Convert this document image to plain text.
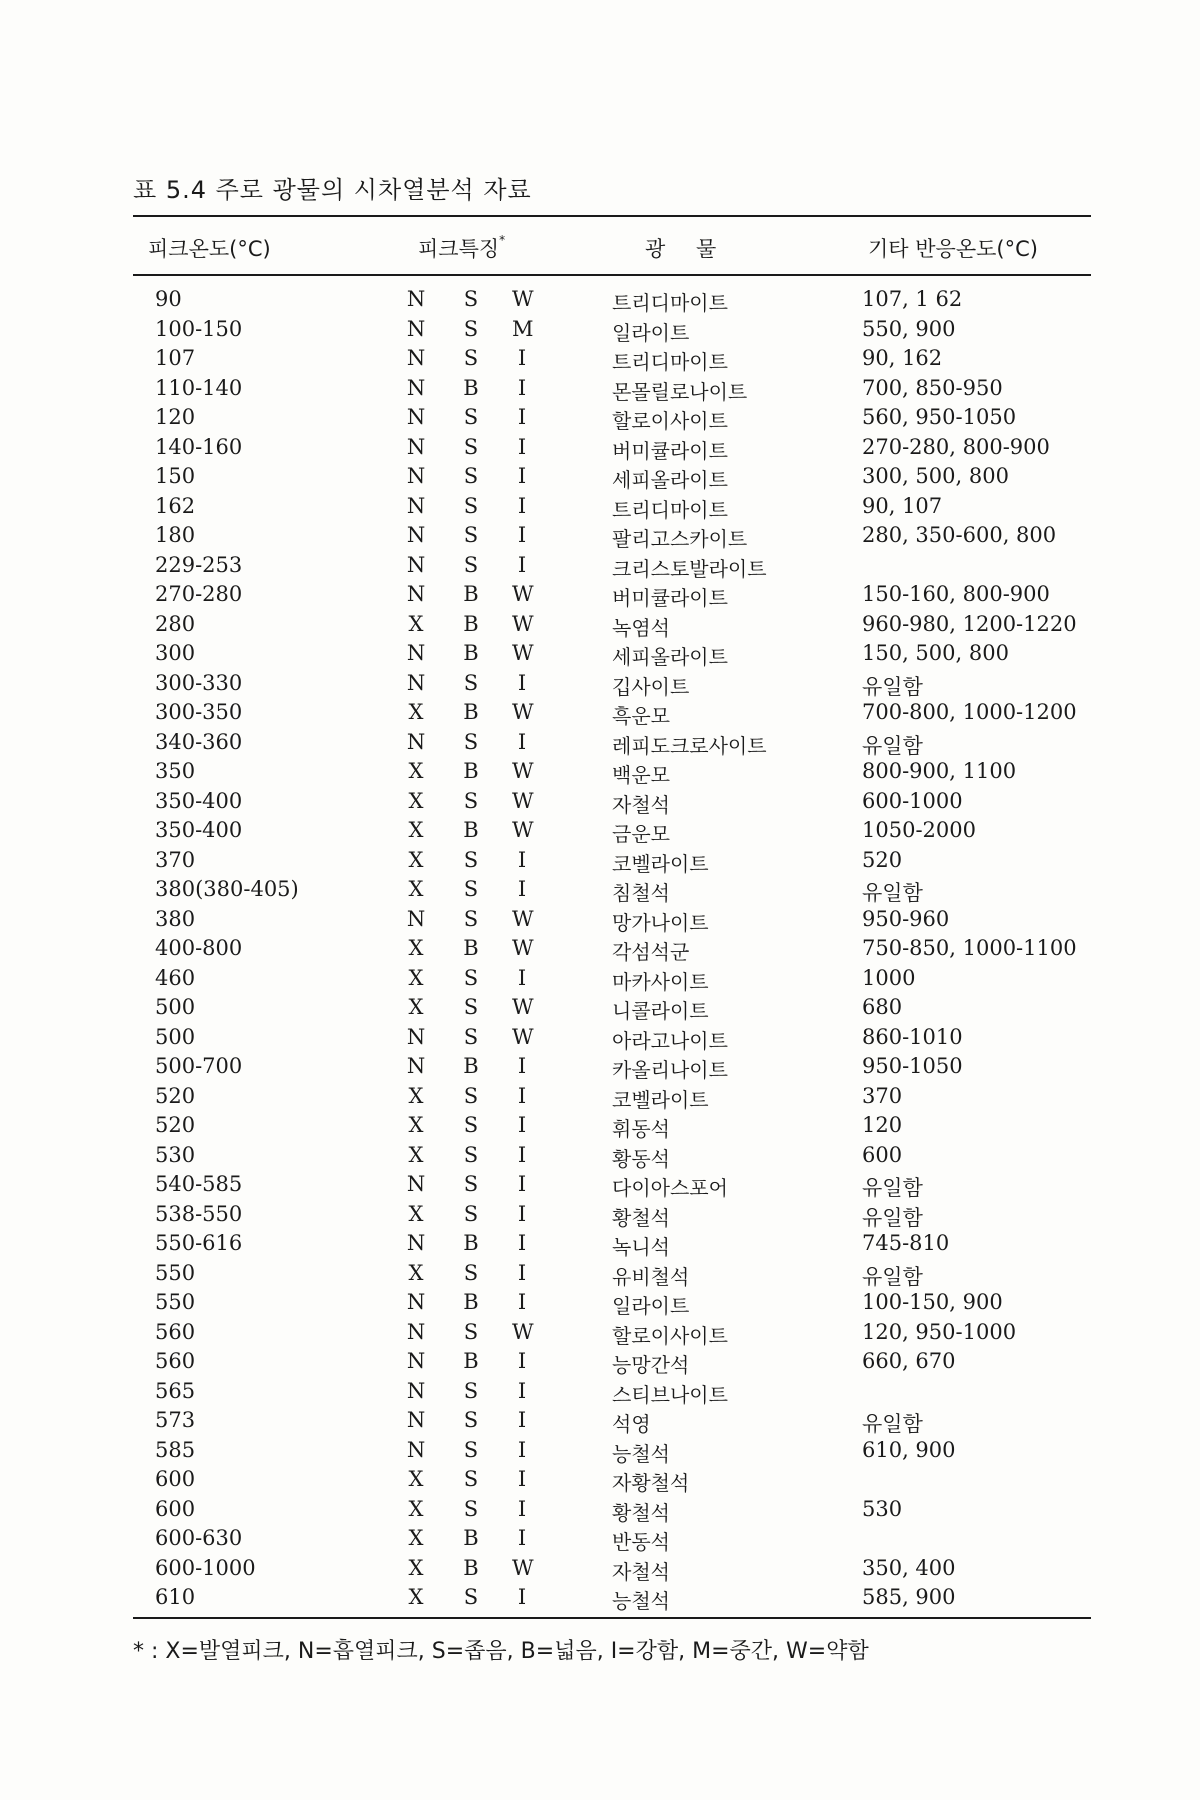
표 5.4 주로 광물의 시차열분석 자료
피크온도(°C)	피크특징*	광 물	기타 반응온도(°C)
90	N S W	트리디마이트	107, 1 62
100-150	N S M	일라이트	550, 900
107	N S I	트리디마이트	90, 162
110-140	N B I	몬몰릴로나이트	700, 850-950
120	N S I	할로이사이트	560, 950-1050
140-160	N S I	버미큘라이트	270-280, 800-900
150	N S I	세피올라이트	300, 500, 800
162	N S I	트리디마이트	90, 107
180	N S I	팔리고스카이트	280, 350-600, 800
229-253	N S I	크리스토발라이트
270-280	N B W	버미큘라이트	150-160, 800-900
280	X B W	녹염석	960-980, 1200-1220
300	N B W	세피올라이트	150, 500, 800
300-330	N S I	깁사이트	유일함
300-350	X B W	흑운모	700-800, 1000-1200
340-360	N S I	레피도크로사이트	유일함
350	X B W	백운모	800-900, 1100
350-400	X S W	자철석	600-1000
350-400	X B W	금운모	1050-2000
370	X S I	코벨라이트	520
380(380-405)	X S I	침철석	유일함
380	N S W	망가나이트	950-960
400-800	X B W	각섬석군	750-850, 1000-1100
460	X S I	마카사이트	1000
500	X S W	니콜라이트	680
500	N S W	아라고나이트	860-1010
500-700	N B I	카올리나이트	950-1050
520	X S I	코벨라이트	370
520	X S I	휘동석	120
530	X S I	황동석	600
540-585	N S I	다이아스포어	유일함
538-550	X S I	황철석	유일함
550-616	N B I	녹니석	745-810
550	X S I	유비철석	유일함
550	N B I	일라이트	100-150, 900
560	N S W	할로이사이트	120, 950-1000
560	N B I	능망간석	660, 670
565	N S I	스티브나이트
573	N S I	석영	유일함
585	N S I	능철석	610, 900
600	X S I	자황철석
600	X S I	황철석	530
600-630	X B I	반동석
600-1000	X B W	자철석	350, 400
610	X S I	능철석	585, 900
* : X=발열피크, N=흡열피크, S=좁음, B=넓음, I=강함, M=중간, W=약함
